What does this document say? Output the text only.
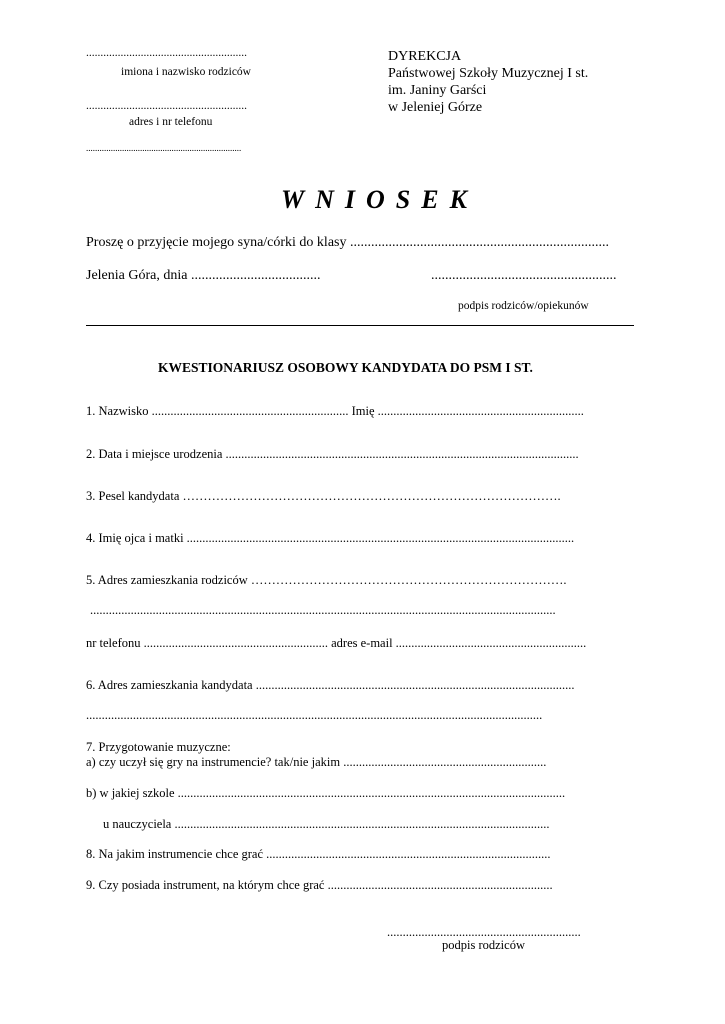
........................................................
imiona i nazwisko rodziców
........................................................
adres i nr telefonu
.....................................................................
DYREKCJA
Państwowej Szkoły Muzycznej I st.
im. Janiny Garści
w Jeleniej Górze
WNIOSEK
Proszę o przyjęcie mojego syna/córki do klasy ..........................................................................
Jelenia Góra, dnia .....................................	.....................................................
podpis rodziców/opiekunów
KWESTIONARIUSZ OSOBOWY KANDYDATA DO PSM I ST.
1. Nazwisko ............................................................... Imię ..................................................................
2. Data i miejsce urodzenia .................................................................................................................
3. Pesel kandydata ……………………………………………………………………………….
4. Imię ojca i matki ............................................................................................................................
5. Adres zamieszkania rodziców ………………………………………………………………….
.....................................................................................................................................................
nr telefonu ........................................................... adres e-mail .............................................................
6. Adres zamieszkania kandydata ......................................................................................................
..................................................................................................................................................
7. Przygotowanie muzyczne:
a) czy uczył się gry na instrumencie? tak/nie jakim .................................................................
b) w jakiej szkole ............................................................................................................................
u nauczyciela ........................................................................................................................
8. Na jakim instrumencie chce grać ...........................................................................................
9. Czy posiada instrument, na którym chce grać ........................................................................
..............................................................
podpis rodziców
